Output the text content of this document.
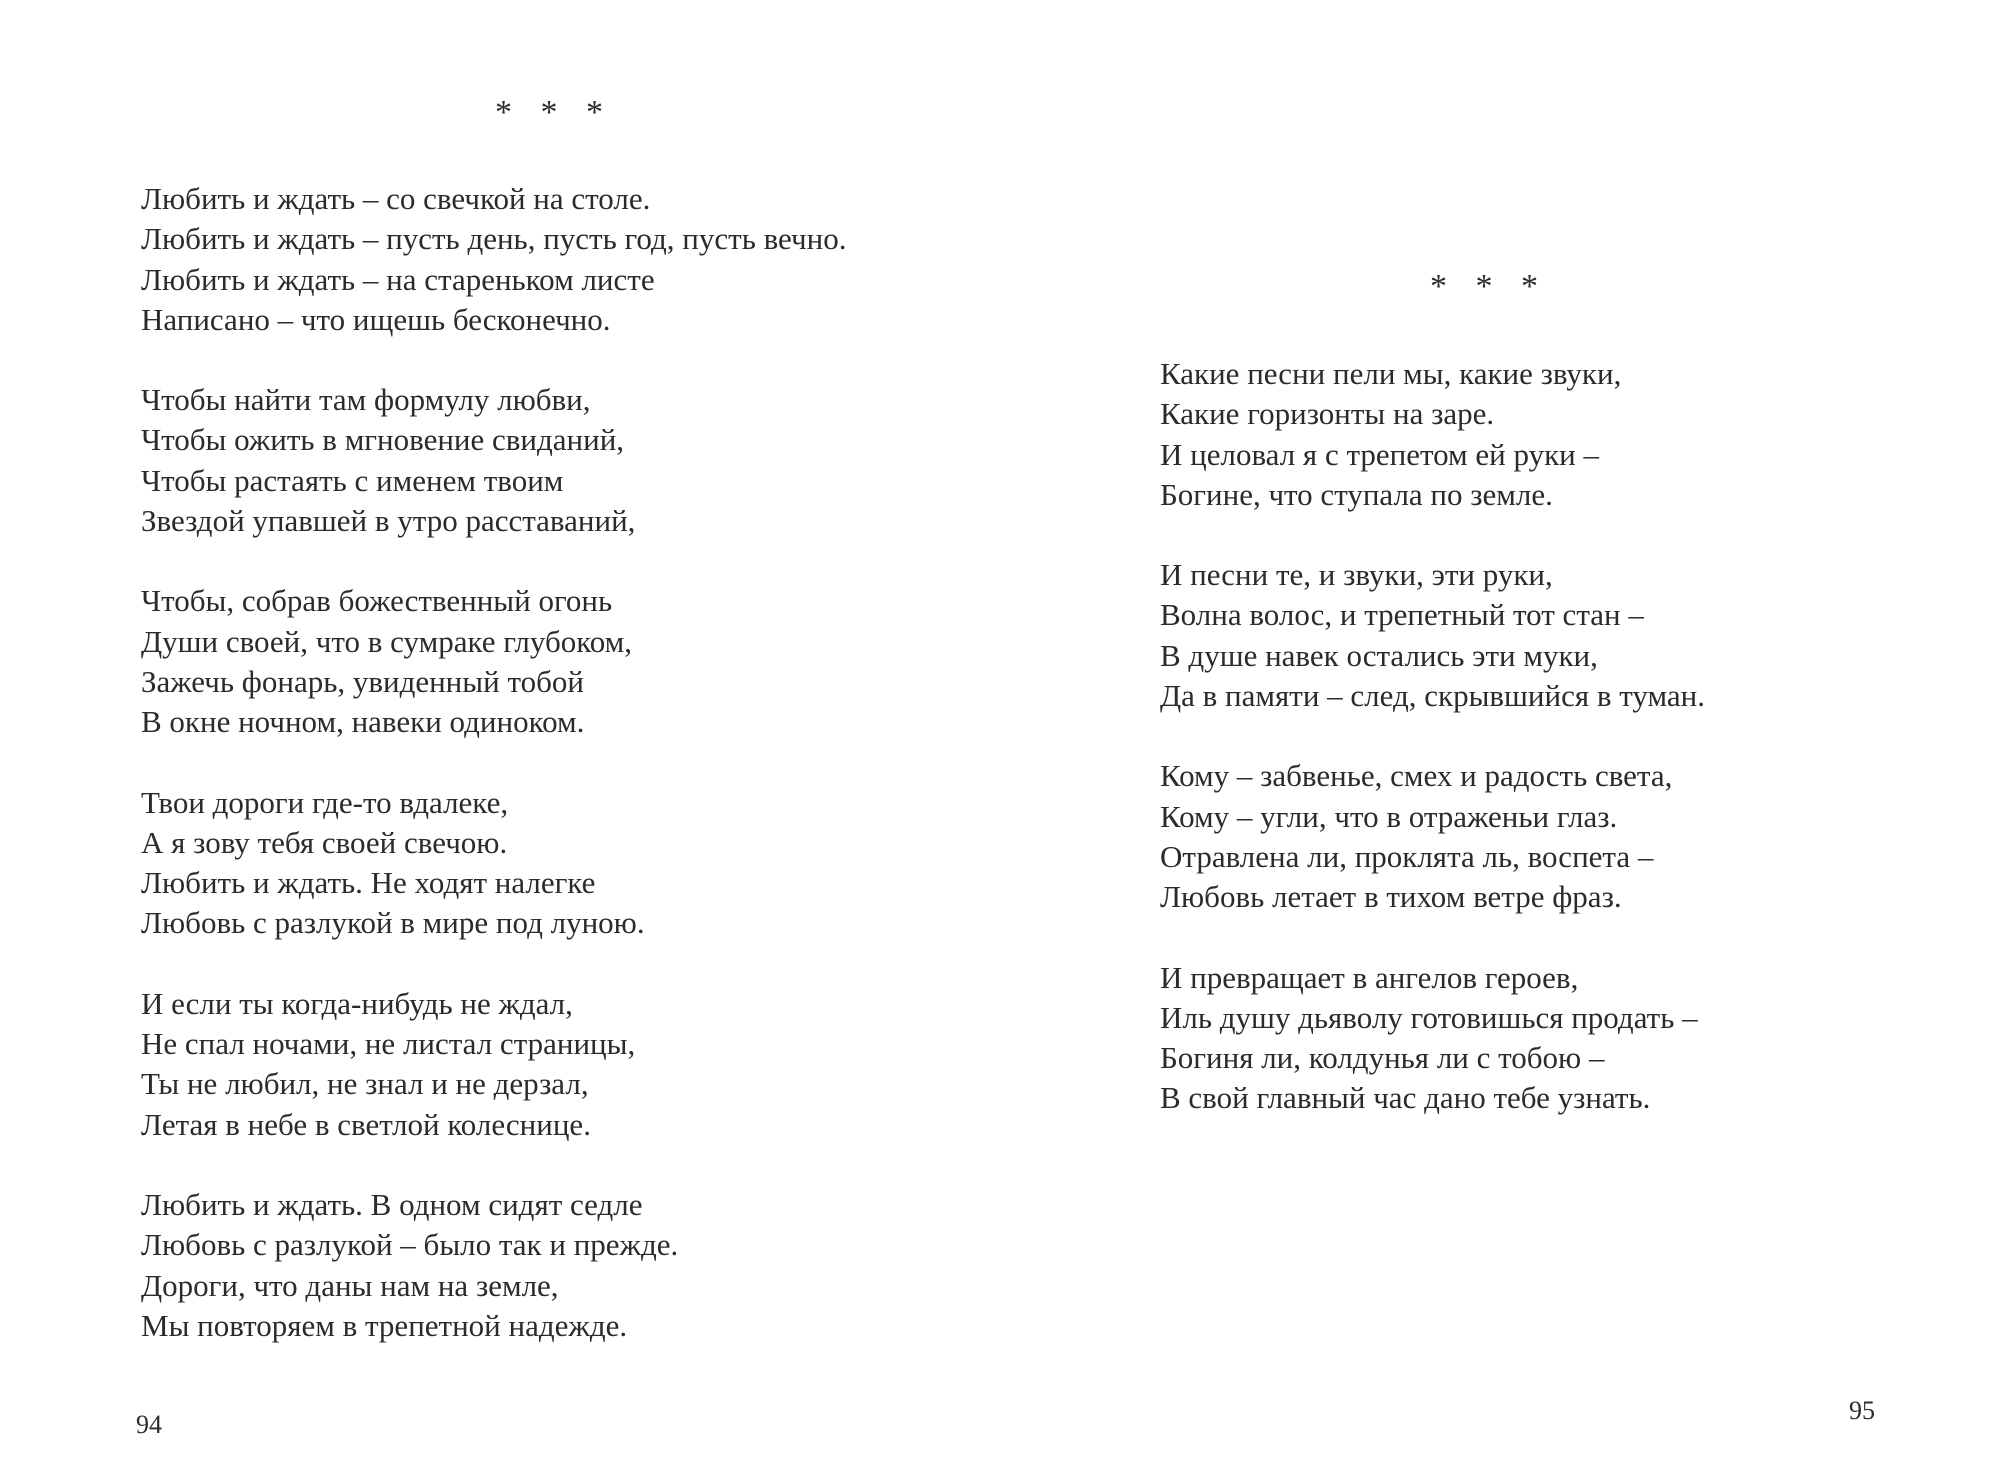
* * *
Любить и ждать – со свечкой на столе.
Любить и ждать – пусть день, пусть год, пусть вечно.
Любить и ждать – на стареньком листе
Написано – что ищешь бесконечно.
Чтобы найти там формулу любви,
Чтобы ожить в мгновение свиданий,
Чтобы растаять с именем твоим
Звездой упавшей в утро расставаний,
Чтобы, собрав божественный огонь
Души своей, что в сумраке глубоком,
Зажечь фонарь, увиденный тобой
В окне ночном, навеки одиноком.
Твои дороги где-то вдалеке,
А я зову тебя своей свечою.
Любить и ждать. Не ходят налегке
Любовь с разлукой в мире под луною.
И если ты когда-нибудь не ждал,
Не спал ночами, не листал страницы,
Ты не любил, не знал и не дерзал,
Летая в небе в светлой колеснице.
Любить и ждать. В одном сидят седле
Любовь с разлукой – было так и прежде.
Дороги, что даны нам на земле,
Мы повторяем в трепетной надежде.
94
* * *
Какие песни пели мы, какие звуки,
Какие горизонты на заре.
И целовал я с трепетом ей руки –
Богине, что ступала по земле.
И песни те, и звуки, эти руки,
Волна волос, и трепетный тот стан –
В душе навек остались эти муки,
Да в памяти – след, скрывшийся в туман.
Кому – забвенье, смех и радость света,
Кому – угли, что в отраженьи глаз.
Отравлена ли, проклята ль, воспета –
Любовь летает в тихом ветре фраз.
И превращает в ангелов героев,
Иль душу дьяволу готовишься продать –
Богиня ли, колдунья ли с тобою –
В свой главный час дано тебе узнать.
95
